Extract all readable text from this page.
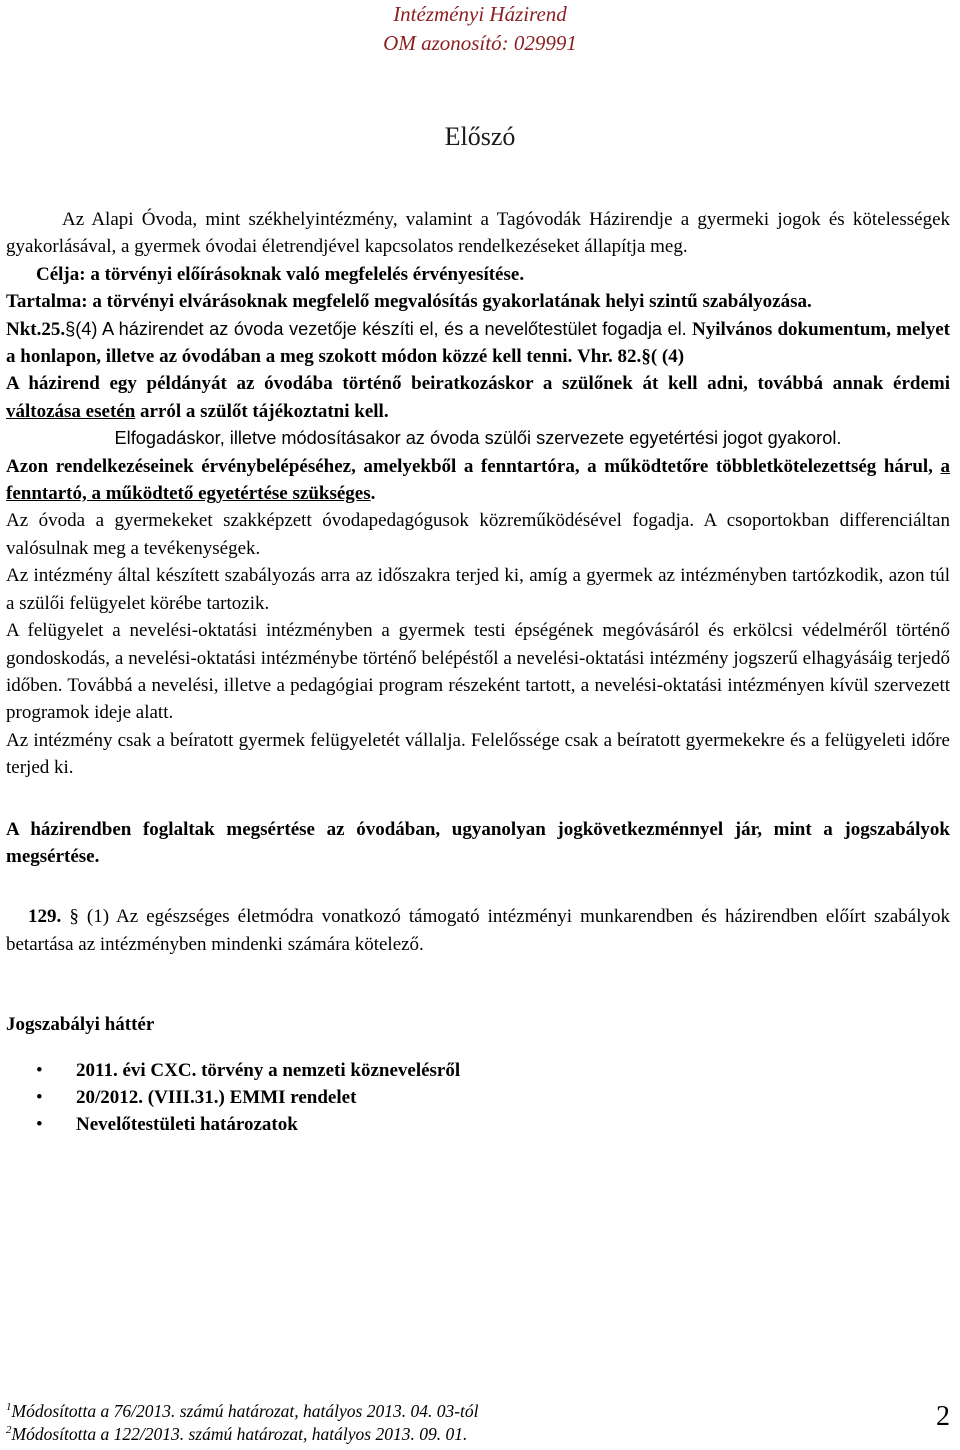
Intézményi Házirend
OM azonosító: 029991
Előszó

Az Alapi Óvoda, mint székhelyintézmény, valamint a Tagóvodák Házirendje a gyermeki jogok és kötelességek gyakorlásával, a gyermek óvodai életrendjével kapcsolatos rendelkezéseket állapítja meg.

Célja: a törvényi előírásoknak való megfelelés érvényesítése.

Tartalma: a törvényi elvárásoknak megfelelő megvalósítás gyakorlatának helyi szintű szabályozása.

Nkt.25.§(4) A házirendet az óvoda vezetője készíti el, és a nevelőtestület fogadja el. Nyilvános dokumentum, melyet a honlapon, illetve az óvodában a meg szokott módon közzé kell tenni. Vhr. 82.§( (4)

A házirend egy példányát az óvodába történő beiratkozáskor a szülőnek át kell adni, továbbá annak érdemi változása esetén arról a szülőt tájékoztatni kell.

Elfogadáskor, illetve módosításakor az óvoda szülői szervezete egyetértési jogot gyakorol.

Azon rendelkezéseinek érvénybelépéséhez, amelyekből a fenntartóra, a működtetőre többletkötelezettség hárul, a fenntartó, a működtető egyetértése szükséges.

Az óvoda a gyermekeket szakképzett óvodapedagógusok közreműködésével fogadja. A csoportokban differenciáltan valósulnak meg a tevékenységek.

Az intézmény által készített szabályozás arra az időszakra terjed ki, amíg a gyermek az intézményben tartózkodik, azon túl a szülői felügyelet körébe tartozik.

A felügyelet a nevelési-oktatási intézményben a gyermek testi épségének megóvásáról és erkölcsi védelméről történő gondoskodás, a nevelési-oktatási intézménybe történő belépéstől a nevelési-oktatási intézmény jogszerű elhagyásáig terjedő időben. Továbbá a nevelési, illetve a pedagógiai program részeként tartott, a nevelési-oktatási intézményen kívül szervezett programok ideje alatt.

Az intézmény csak a beíratott gyermek felügyeletét vállalja. Felelőssége csak a beíratott gyermekekre és a felügyeleti időre terjed ki.

A házirendben foglaltak megsértése az óvodában, ugyanolyan jogkövetkezménnyel jár, mint a jogszabályok megsértése.

129. § (1) Az egészséges életmódra vonatkozó támogató intézményi munkarendben és házirendben előírt szabályok betartása az intézményben mindenki számára kötelező.

Jogszabályi háttér

• 2011. évi CXC. törvény a nemzeti köznevelésről
• 20/2012. (VIII.31.) EMMI rendelet
• Nevelőtestületi határozatok
$^1$Módosította a 76/2013. számú határozat, hatályos 2013. 04. 03-tól
$^2$Módosította a 122/2013. számú határozat, hatályos 2013. 09. 01.
2
